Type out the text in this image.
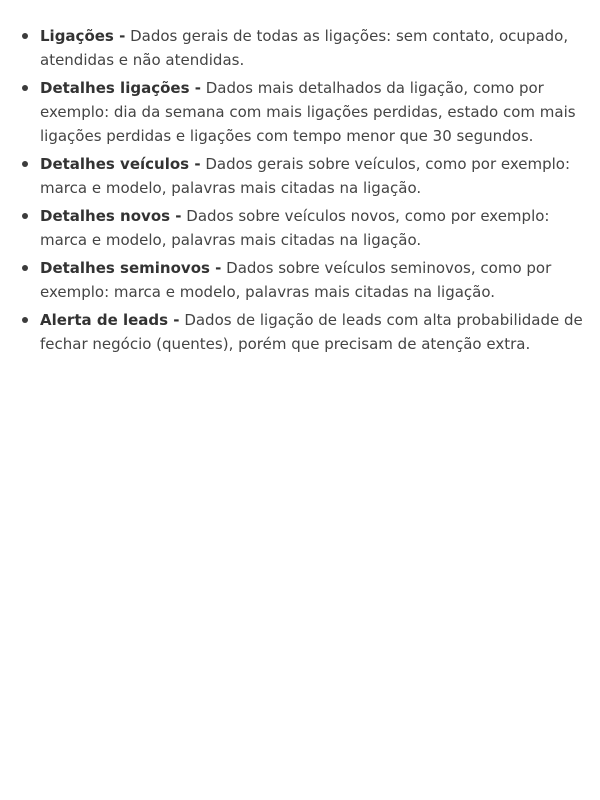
Ligações - Dados gerais de todas as ligações: sem contato, ocupado, atendidas e não atendidas.
Detalhes ligações - Dados mais detalhados da ligação, como por exemplo: dia da semana com mais ligações perdidas, estado com mais ligações perdidas e ligações com tempo menor que 30 segundos.
Detalhes veículos - Dados gerais sobre veículos, como por exemplo: marca e modelo, palavras mais citadas na ligação.
Detalhes novos - Dados sobre veículos novos, como por exemplo: marca e modelo, palavras mais citadas na ligação.
Detalhes seminovos - Dados sobre veículos seminovos, como por exemplo: marca e modelo, palavras mais citadas na ligação.
Alerta de leads - Dados de ligação de leads com alta probabilidade de fechar negócio (quentes), porém que precisam de atenção extra.
